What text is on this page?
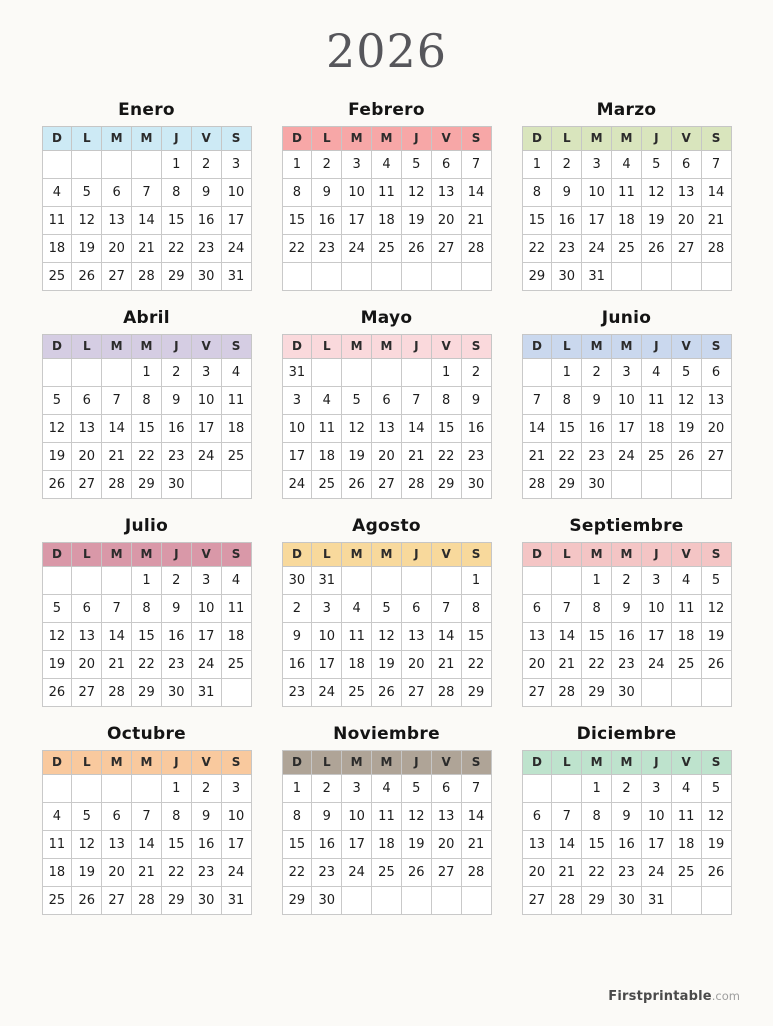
2026
Enero
D	L	M	M	J	V	S
				1	2	3
4	5	6	7	8	9	10
11	12	13	14	15	16	17
18	19	20	21	22	23	24
25	26	27	28	29	30	31
Febrero
D	L	M	M	J	V	S
1	2	3	4	5	6	7
8	9	10	11	12	13	14
15	16	17	18	19	20	21
22	23	24	25	26	27	28

Marzo
D	L	M	M	J	V	S
1	2	3	4	5	6	7
8	9	10	11	12	13	14
15	16	17	18	19	20	21
22	23	24	25	26	27	28
29	30	31				
Abril
D	L	M	M	J	V	S
			1	2	3	4
5	6	7	8	9	10	11
12	13	14	15	16	17	18
19	20	21	22	23	24	25
26	27	28	29	30		
Mayo
D	L	M	M	J	V	S
31					1	2
3	4	5	6	7	8	9
10	11	12	13	14	15	16
17	18	19	20	21	22	23
24	25	26	27	28	29	30
Junio
D	L	M	M	J	V	S
	1	2	3	4	5	6
7	8	9	10	11	12	13
14	15	16	17	18	19	20
21	22	23	24	25	26	27
28	29	30				
Julio
D	L	M	M	J	V	S
			1	2	3	4
5	6	7	8	9	10	11
12	13	14	15	16	17	18
19	20	21	22	23	24	25
26	27	28	29	30	31	
Agosto
D	L	M	M	J	V	S
30	31					1
2	3	4	5	6	7	8
9	10	11	12	13	14	15
16	17	18	19	20	21	22
23	24	25	26	27	28	29
Septiembre
D	L	M	M	J	V	S
		1	2	3	4	5
6	7	8	9	10	11	12
13	14	15	16	17	18	19
20	21	22	23	24	25	26
27	28	29	30			
Octubre
D	L	M	M	J	V	S
				1	2	3
4	5	6	7	8	9	10
11	12	13	14	15	16	17
18	19	20	21	22	23	24
25	26	27	28	29	30	31
Noviembre
D	L	M	M	J	V	S
1	2	3	4	5	6	7
8	9	10	11	12	13	14
15	16	17	18	19	20	21
22	23	24	25	26	27	28
29	30					
Diciembre
D	L	M	M	J	V	S
		1	2	3	4	5
6	7	8	9	10	11	12
13	14	15	16	17	18	19
20	21	22	23	24	25	26
27	28	29	30	31		
Firstprintable.com
